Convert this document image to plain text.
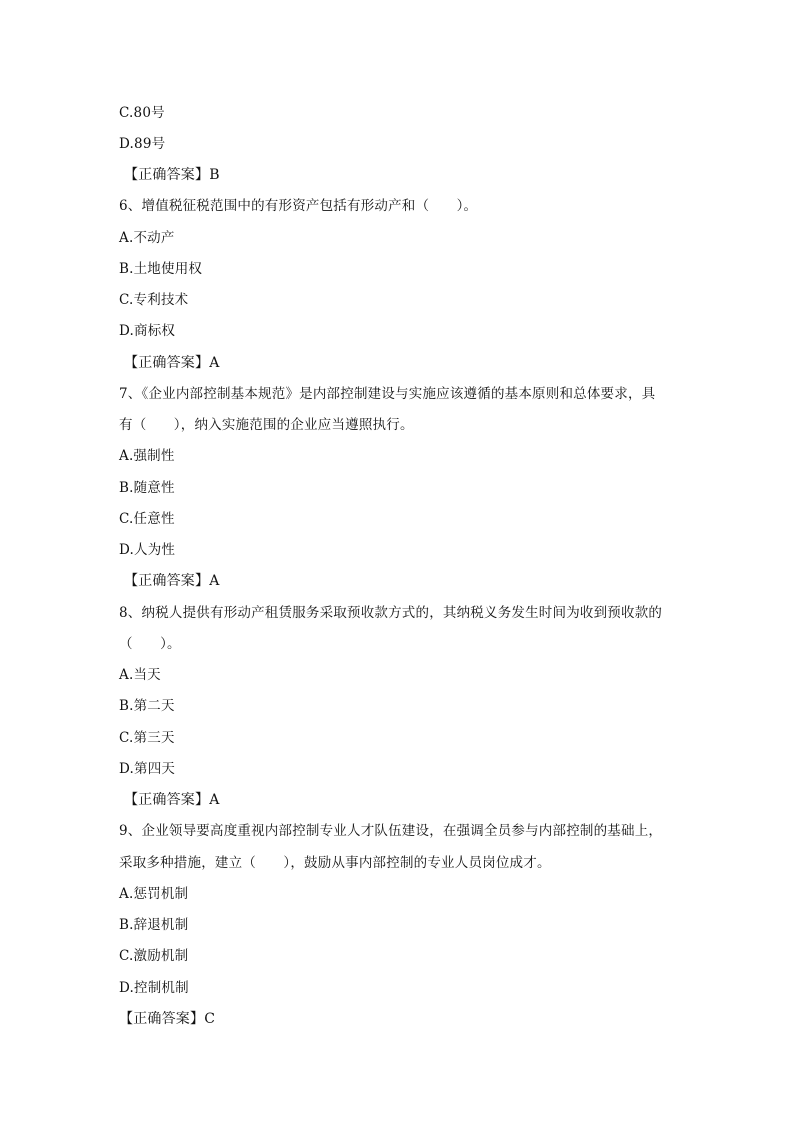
C.80号
D.89号
【正确答案】B
6、增值税征税范围中的有形资产包括有形动产和（　　）。
A.不动产
B.土地使用权
C.专利技术
D.商标权
【正确答案】A
7、《企业内部控制基本规范》是内部控制建设与实施应该遵循的基本原则和总体要求，具
有（　　），纳入实施范围的企业应当遵照执行。
A.强制性
B.随意性
C.任意性
D.人为性
【正确答案】A
8、纳税人提供有形动产租赁服务采取预收款方式的，其纳税义务发生时间为收到预收款的
（　　）。
A.当天
B.第二天
C.第三天
D.第四天
【正确答案】A
9、企业领导要高度重视内部控制专业人才队伍建设，在强调全员参与内部控制的基础上，
采取多种措施，建立（　　），鼓励从事内部控制的专业人员岗位成才。
A.惩罚机制
B.辞退机制
C.激励机制
D.控制机制
【正确答案】C
